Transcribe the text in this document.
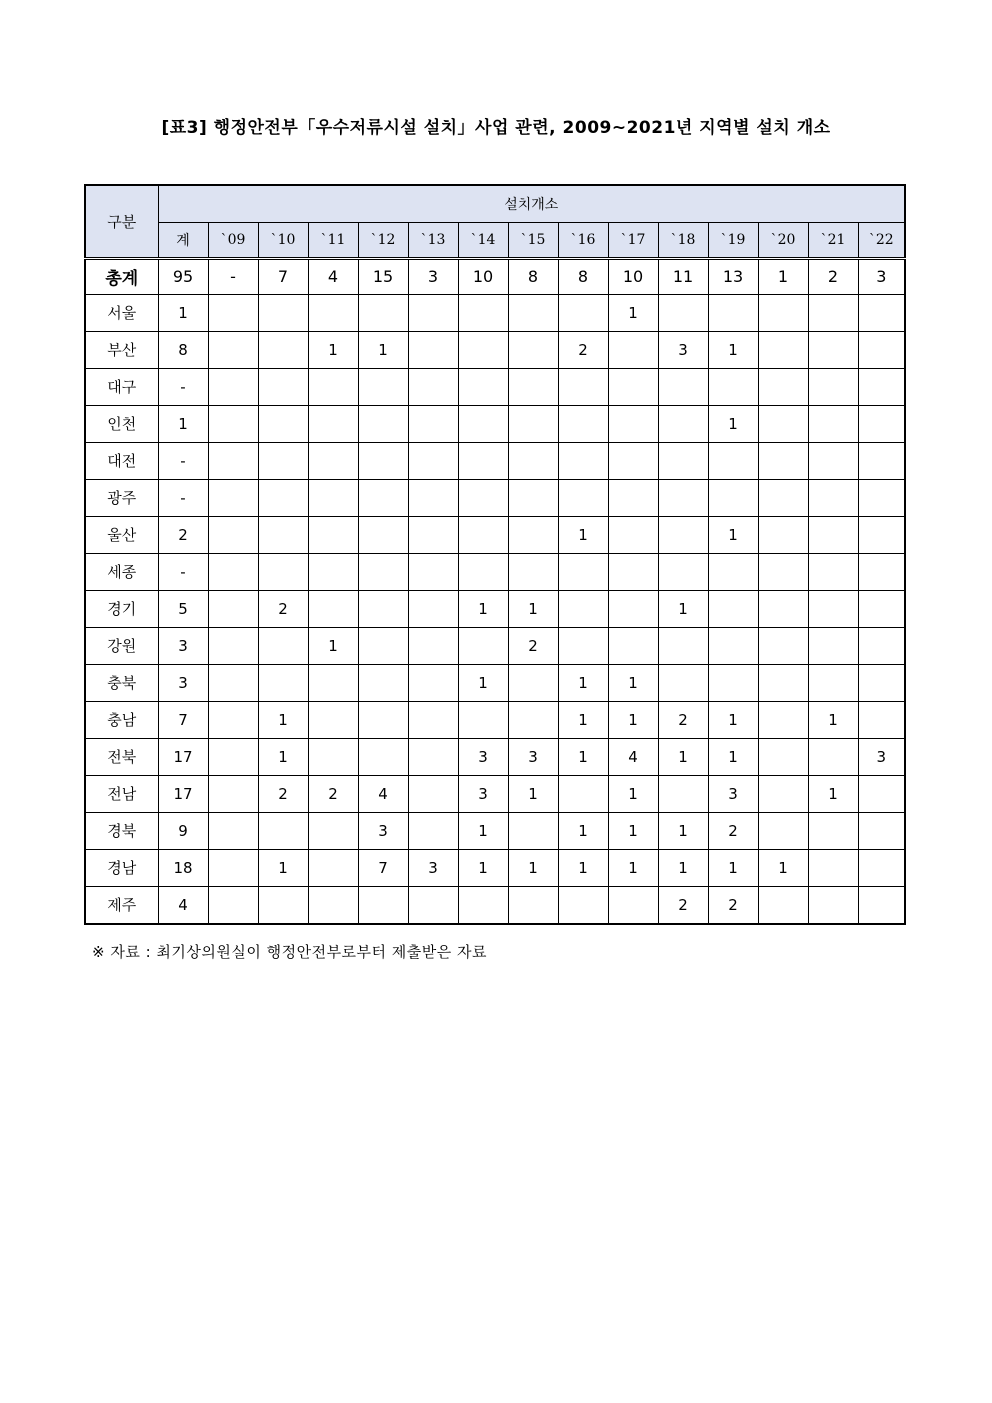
[표3] 행정안전부「우수저류시설 설치」사업 관련, 2009~2021년 지역별 설치 개소
구분	설치개소														
	계	`09	`10	`11	`12	`13	`14	`15	`16	`17	`18	`19	`20	`21	`22
총계	95	-	7	4	15	3	10	8	8	10	11	13	1	2	3
서울	1									1					
부산	8			1	1				2		3	1			
대구	-														
인천	1											1			
대전	-														
광주	-														
울산	2								1			1			
세종	-														
경기	5		2				1	1			1				
강원	3			1				2							
충북	3						1		1	1					
충남	7		1						1	1	2	1		1	
전북	17		1				3	3	1	4	1	1			3
전남	17		2	2	4		3	1		1		3		1	
경북	9				3		1		1	1	1	2			
경남	18		1		7	3	1	1	1	1	1	1	1		
제주	4										2	2			
※ 자료 : 최기상의원실이 행정안전부로부터 제출받은 자료
